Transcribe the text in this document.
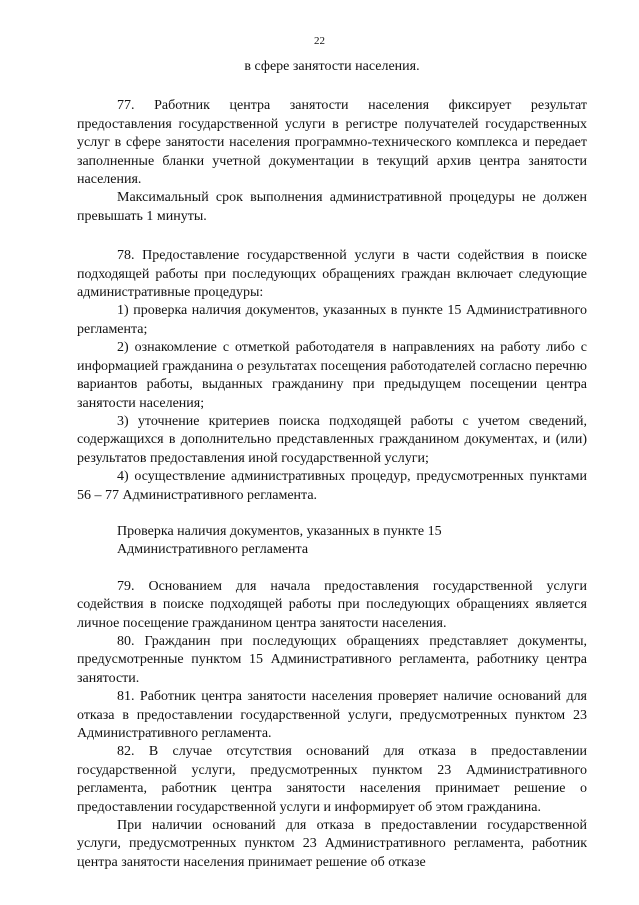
22

в сфере занятости населения.

77. Работник центра занятости населения фиксирует результат предоставления государственной услуги в регистре получателей государственных услуг в сфере занятости населения программно-технического комплекса и передает заполненные бланки учетной документации в текущий архив центра занятости населения.

Максимальный срок выполнения административной процедуры не должен превышать 1 минуты.

78. Предоставление государственной услуги в части содействия в поиске подходящей работы при последующих обращениях граждан включает следующие административные процедуры:

1) проверка наличия документов, указанных в пункте 15 Административного регламента;

2) ознакомление с отметкой работодателя в направлениях на работу либо с информацией гражданина о результатах посещения работодателей согласно перечню вариантов работы, выданных гражданину при предыдущем посещении центра занятости населения;

3) уточнение критериев поиска подходящей работы с учетом сведений, содержащихся в дополнительно представленных гражданином документах, и (или) результатов предоставления иной государственной услуги;

4) осуществление административных процедур, предусмотренных пунктами 56 – 77 Административного регламента.

Проверка наличия документов, указанных в пункте 15

Административного регламента

79. Основанием для начала предоставления государственной услуги содействия в поиске подходящей работы при последующих обращениях является личное посещение гражданином центра занятости населения.

80. Гражданин при последующих обращениях представляет документы, предусмотренные пунктом 15 Административного регламента, работнику центра занятости.

81. Работник центра занятости населения проверяет наличие оснований для отказа в предоставлении государственной услуги, предусмотренных пунктом 23 Административного регламента.

82. В случае отсутствия оснований для отказа в предоставлении государственной услуги, предусмотренных пунктом 23 Административного регламента, работник центра занятости населения принимает решение о предоставлении государственной услуги и информирует об этом гражданина.

При наличии оснований для отказа в предоставлении государственной услуги, предусмотренных пунктом 23 Административного регламента, работник центра занятости населения принимает решение об отказе
